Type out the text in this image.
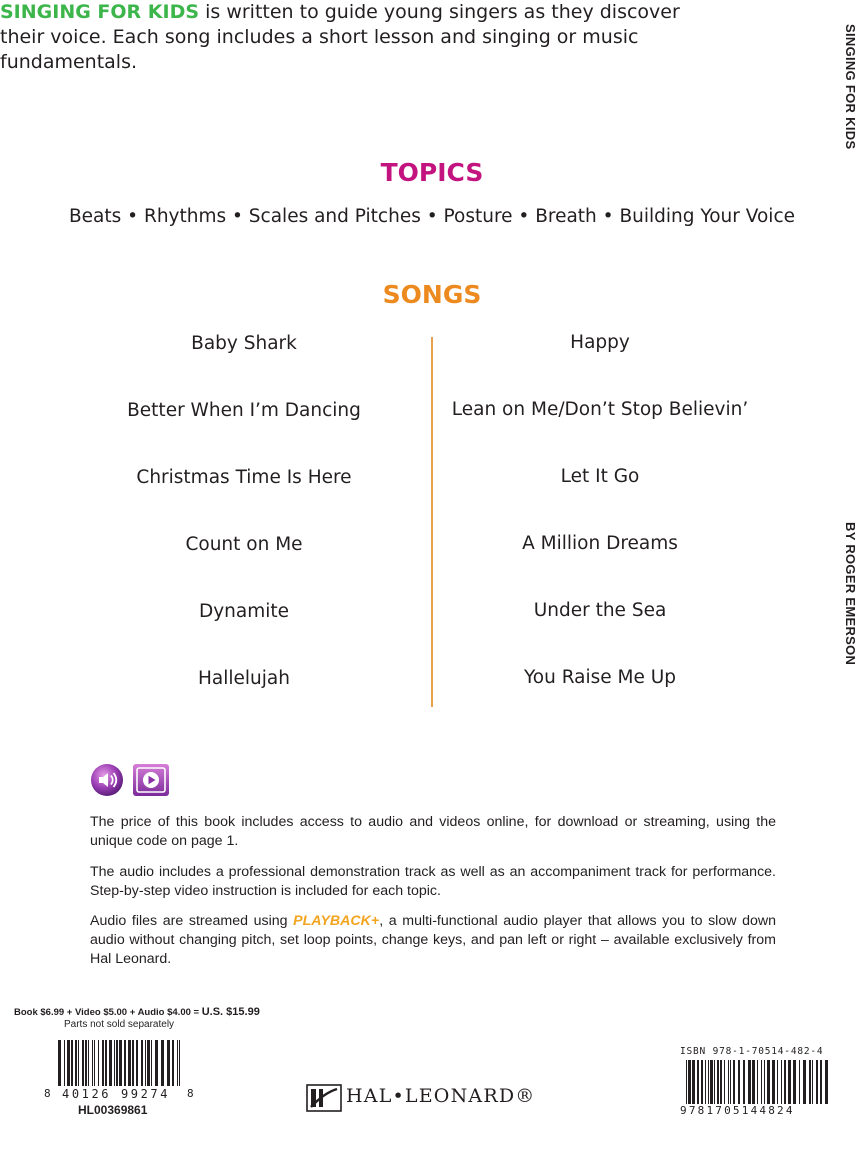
SINGING FOR KIDS
BY ROGER EMERSON
SINGING FOR KIDS is written to guide young singers as they discover their voice. Each song includes a short lesson and singing or music fundamentals.
TOPICS
Beats • Rhythms • Scales and Pitches • Posture • Breath • Building Your Voice
SONGS
Baby Shark
Better When I’m Dancing
Christmas Time Is Here
Count on Me
Dynamite
Hallelujah
Happy
Lean on Me/Don’t Stop Believin’
Let It Go
A Million Dreams
Under the Sea
You Raise Me Up
The price of this book includes access to audio and videos online, for download or streaming, using the unique code on page 1.
The audio includes a professional demonstration track as well as an accompaniment track for performance. Step-by-step video instruction is included for each topic.
Audio files are streamed using PLAYBACK+, a multi-functional audio player that allows you to slow down audio without changing pitch, set loop points, change keys, and pan left or right – available exclusively from Hal Leonard.
Book $6.99 + Video $5.00 + Audio $4.00 = U.S. $15.99
Parts not sold separately
8 40126 99274 8
HL00369861
HAL•LEONARD®
ISBN 978-1-70514-482-4
9781705144824
